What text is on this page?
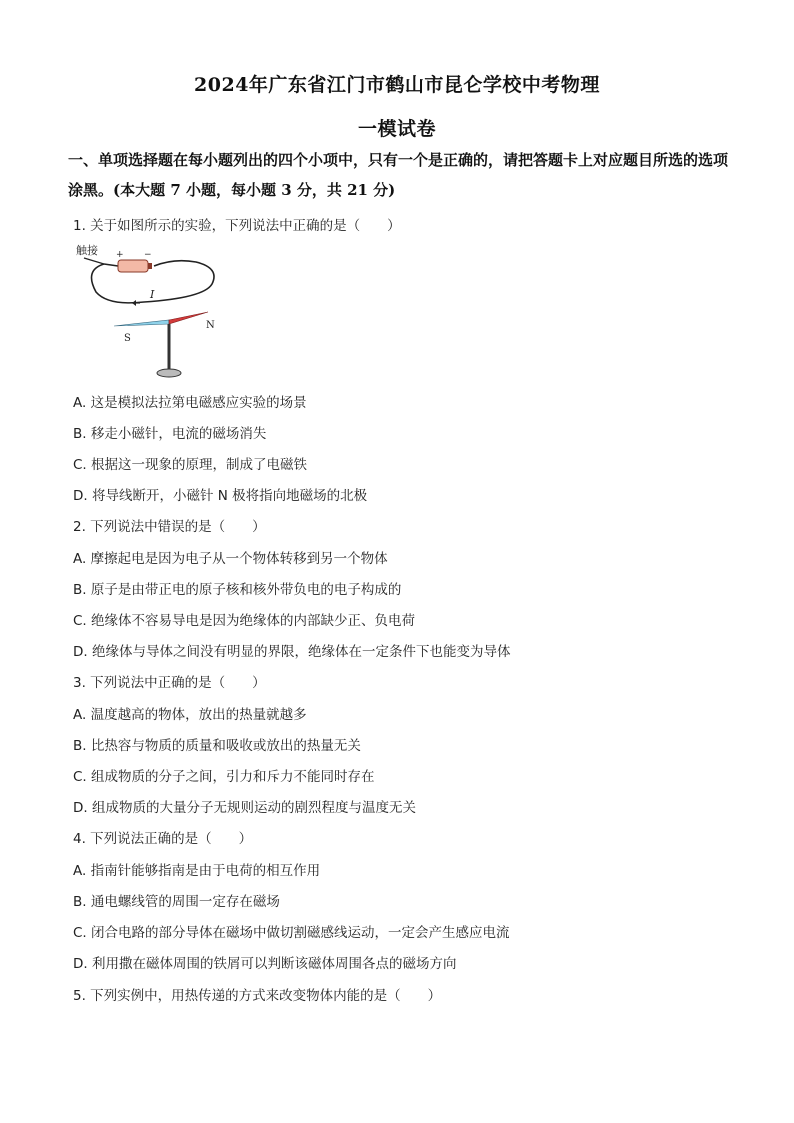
2024年广东省江门市鹤山市昆仑学校中考物理
一模试卷
一、单项选择题在每小题列出的四个小项中，只有一个是正确的，请把答题卡上对应题目所选的选项涂黑。(本大题 7 小题，每小题 3 分，共 21 分)
1. 关于如图所示的实验，下列说法中正确的是（　　）
触接 + −
I
S
N
A. 这是模拟法拉第电磁感应实验的场景
B. 移走小磁针，电流的磁场消失
C. 根据这一现象的原理，制成了电磁铁
D. 将导线断开，小磁针 N 极将指向地磁场的北极
2. 下列说法中错误的是（　　）
A. 摩擦起电是因为电子从一个物体转移到另一个物体
B. 原子是由带正电的原子核和核外带负电的电子构成的
C. 绝缘体不容易导电是因为绝缘体的内部缺少正、负电荷
D. 绝缘体与导体之间没有明显的界限，绝缘体在一定条件下也能变为导体
3. 下列说法中正确的是（　　）
A. 温度越高的物体，放出的热量就越多
B. 比热容与物质的质量和吸收或放出的热量无关
C. 组成物质的分子之间，引力和斥力不能同时存在
D. 组成物质的大量分子无规则运动的剧烈程度与温度无关
4. 下列说法正确的是（　　）
A. 指南针能够指南是由于电荷的相互作用
B. 通电螺线管的周围一定存在磁场
C. 闭合电路的部分导体在磁场中做切割磁感线运动，一定会产生感应电流
D. 利用撒在磁体周围的铁屑可以判断该磁体周围各点的磁场方向
5. 下列实例中，用热传递的方式来改变物体内能的是（　　）
